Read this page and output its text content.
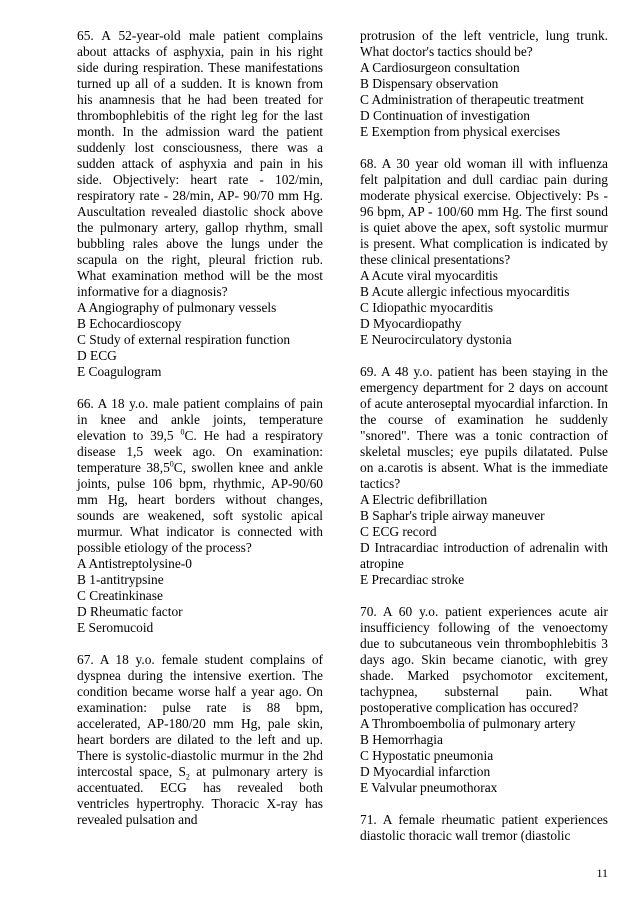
65. A 52-year-old male patient complains about attacks of asphyxia, pain in his right side during respiration. These manifestations turned up all of a sudden. It is known from his anamnesis that he had been treated for thrombophlebitis of the right leg for the last month. In the admission ward the patient suddenly lost consciousness, there was a sudden attack of asphyxia and pain in his side. Objectively: heart rate - 102/min, respiratory rate - 28/min, AP- 90/70 mm Hg. Auscultation revealed diastolic shock above the pulmonary artery, gallop rhythm, small bubbling rales above the lungs under the scapula on the right, pleural friction rub. What examination method will be the most informative for a diagnosis?

A Angiography of pulmonary vessels

B Echocardioscopy

C Study of external respiration function

D ECG

E Coagulogram

66. A 18 y.o. male patient complains of pain in knee and ankle joints, temperature elevation to 39,5 $^0$C. He had a respiratory disease 1,5 week ago. On examination: temperature 38,5$^0$C, swollen knee and ankle joints, pulse 106 bpm, rhythmic, AP-90/60 mm Hg, heart borders without changes, sounds are weakened, soft systolic apical murmur. What indicator is connected with possible etiology of the process?

A Antistreptolysine-0

B 1-antitrypsine

C Creatinkinase

D Rheumatic factor

E Seromucoid

67. A 18 y.o. female student complains of dyspnea during the intensive exertion. The condition became worse half a year ago. On examination: pulse rate is 88 bpm, accelerated, AP-180/20 mm Hg, pale skin, heart borders are dilated to the left and up. There is systolic-diastolic murmur in the 2hd intercostal space, $S_2$ at pulmonary artery is accentuated. ECG has revealed both ventricles hypertrophy. Thoracic X-ray has revealed pulsation and

protrusion of the left ventricle, lung trunk. What doctor's tactics should be?

A Cardiosurgeon consultation

B Dispensary observation

C Administration of therapeutic treatment

D Continuation of investigation

E Exemption from physical exercises

68. A 30 year old woman ill with influenza felt palpitation and dull cardiac pain during moderate physical exercise. Objectively: Ps - 96 bpm, AP - 100/60 mm Hg. The first sound is quiet above the apex, soft systolic murmur is present. What complication is indicated by these clinical presentations?

A Acute viral myocarditis

B Acute allergic infectious myocarditis

C Idiopathic myocarditis

D Myocardiopathy

E Neurocirculatory dystonia

69. A 48 y.o. patient has been staying in the emergency department for 2 days on account of acute anteroseptal myocardial infarction. In the course of examination he suddenly "snored". There was a tonic contraction of skeletal muscles; eye pupils dilatated. Pulse on a.carotis is absent. What is the immediate tactics?

A Electric defibrillation

B Saphar's triple airway maneuver

C ECG record

D Intracardiac introduction of adrenalin with atropine

E Precardiac stroke

70. A 60 y.o. patient experiences acute air insufficiency following of the venoectomy due to subcutaneous vein thrombophlebitis 3 days ago. Skin became cianotic, with grey shade. Marked psychomotor excitement, tachypnea, substernal pain. What postoperative complication has occured?

A Thromboembolia of pulmonary artery

B Hemorrhagia

C Hypostatic pneumonia

D Myocardial infarction

E Valvular pneumothorax

71. A female rheumatic patient experiences diastolic thoracic wall tremor (diastolic

11
